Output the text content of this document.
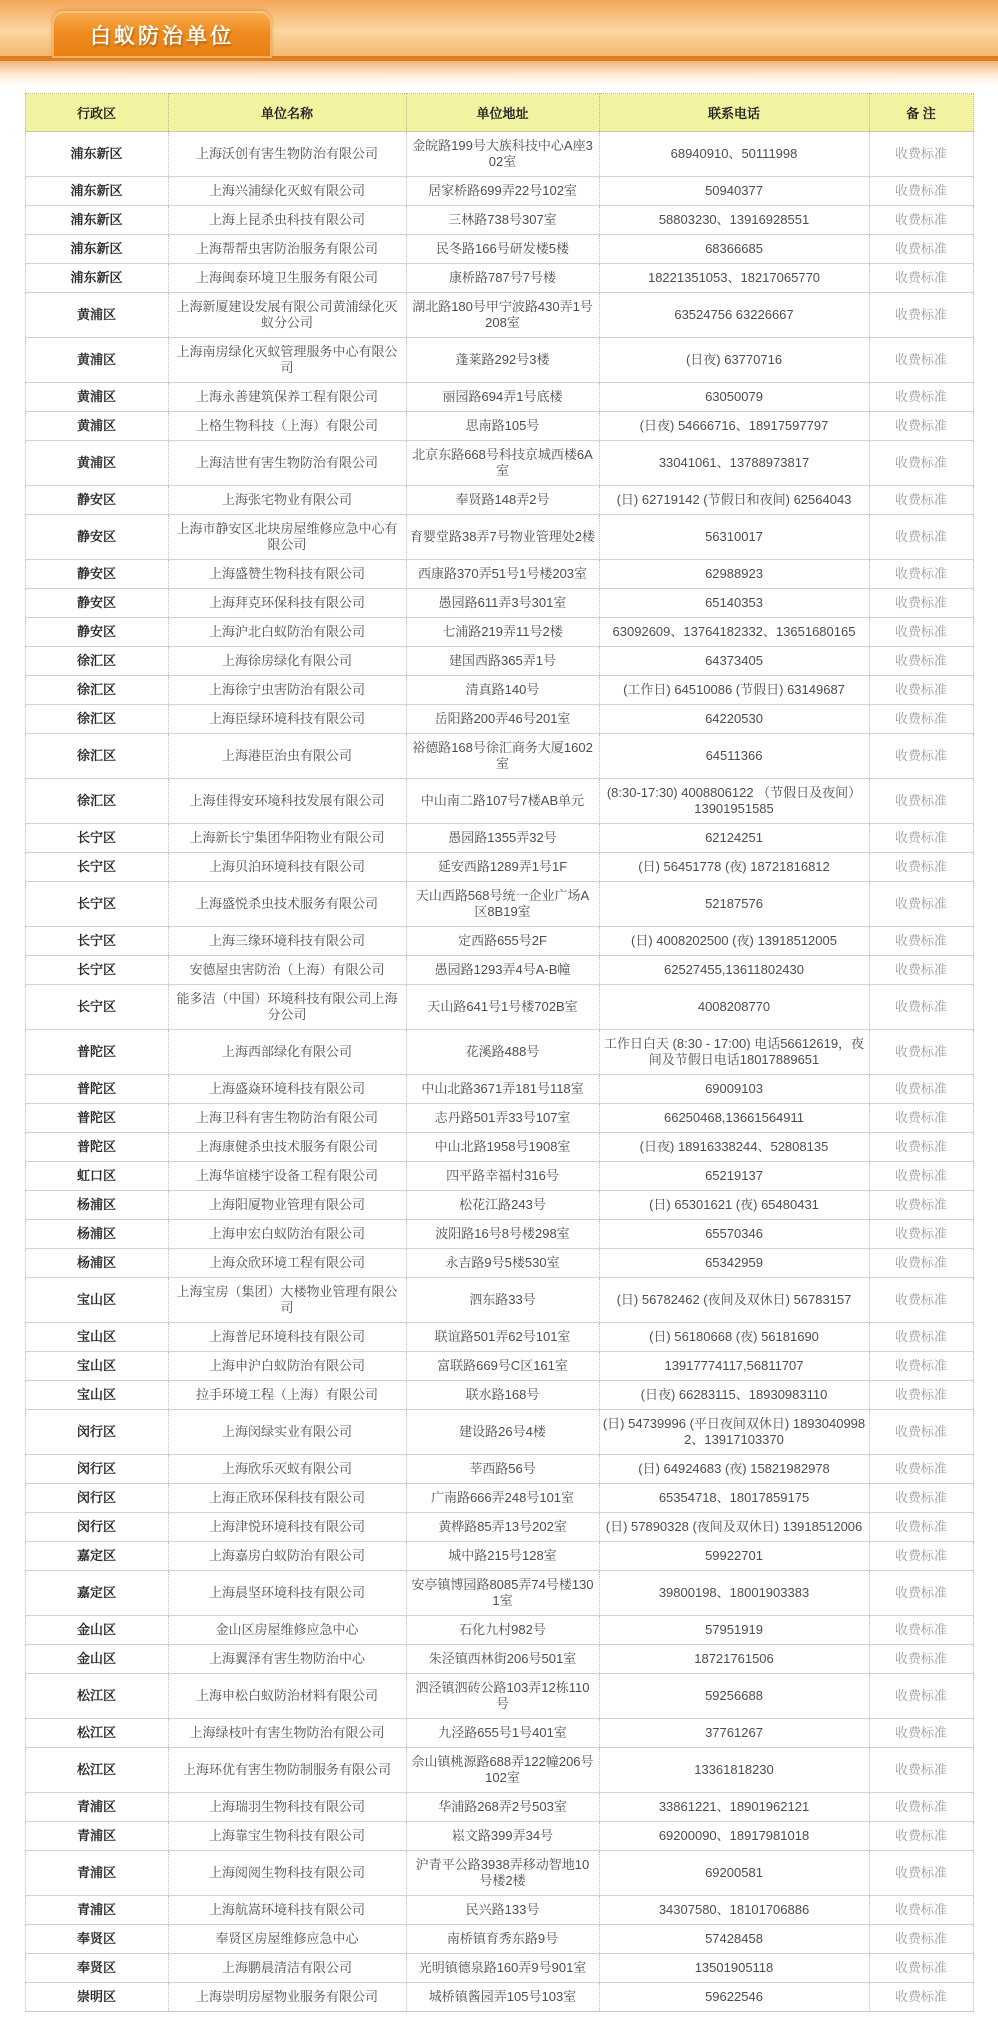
白蚁防治单位
行政区	单位名称	单位地址	联系电话	备 注
浦东新区	上海沃创有害生物防治有限公司	金皖路199号大族科技中心A座302室	68940910、50111998	收费标准
浦东新区	上海兴浦绿化灭蚁有限公司	居家桥路699弄22号102室	50940377	收费标准
浦东新区	上海上昆杀虫科技有限公司	三林路738号307室	58803230、13916928551	收费标准
浦东新区	上海帮帮虫害防治服务有限公司	民冬路166号研发楼5楼	68366685	收费标准
浦东新区	上海闽泰环境卫生服务有限公司	康桥路787号7号楼	18221351053、18217065770	收费标准
黄浦区	上海新厦建设发展有限公司黄浦绿化灭蚁分公司	湖北路180号甲宁波路430弄1号208室	63524756 63226667	收费标准
黄浦区	上海南房绿化灭蚁管理服务中心有限公司	蓬莱路292号3楼	(日夜) 63770716	收费标准
黄浦区	上海永善建筑保养工程有限公司	丽园路694弄1号底楼	63050079	收费标准
黄浦区	上格生物科技（上海）有限公司	思南路105号	(日夜) 54666716、18917597797	收费标准
黄浦区	上海洁世有害生物防治有限公司	北京东路668号科技京城西楼6A室	33041061、13788973817	收费标准
静安区	上海张宅物业有限公司	奉贤路148弄2号	(日) 62719142 (节假日和夜间) 62564043	收费标准
静安区	上海市静安区北块房屋维修应急中心有限公司	育婴堂路38弄7号物业管理处2楼	56310017	收费标准
静安区	上海盛赞生物科技有限公司	西康路370弄51号1号楼203室	62988923	收费标准
静安区	上海拜克环保科技有限公司	愚园路611弄3号301室	65140353	收费标准
静安区	上海沪北白蚁防治有限公司	七浦路219弄11号2楼	63092609、13764182332、13651680165	收费标准
徐汇区	上海徐房绿化有限公司	建国西路365弄1号	64373405	收费标准
徐汇区	上海徐宁虫害防治有限公司	清真路140号	(工作日) 64510086 (节假日) 63149687	收费标准
徐汇区	上海臣绿环境科技有限公司	岳阳路200弄46号201室	64220530	收费标准
徐汇区	上海港臣治虫有限公司	裕德路168号徐汇商务大厦1602室	64511366	收费标准
徐汇区	上海佳得安环境科技发展有限公司	中山南二路107号7楼AB单元	(8:30-17:30) 4008806122 （节假日及夜间） 13901951585	收费标准
长宁区	上海新长宁集团华阳物业有限公司	愚园路1355弄32号	62124251	收费标准
长宁区	上海贝泊环境科技有限公司	延安西路1289弄1号1F	(日) 56451778 (夜) 18721816812	收费标准
长宁区	上海盛悦杀虫技术服务有限公司	天山西路568号统一企业广场A区8B19室	52187576	收费标准
长宁区	上海三缘环境科技有限公司	定西路655号2F	(日) 4008202500 (夜) 13918512005	收费标准
长宁区	安德屋虫害防治（上海）有限公司	愚园路1293弄4号A-B幢	62527455,13611802430	收费标准
长宁区	能多洁（中国）环境科技有限公司上海分公司	天山路641号1号楼702B室	4008208770	收费标准
普陀区	上海西部绿化有限公司	花溪路488号	工作日白天 (8:30 - 17:00) 电话56612619，夜间及节假日电话18017889651	收费标准
普陀区	上海盛焱环境科技有限公司	中山北路3671弄181号118室	69009103	收费标准
普陀区	上海卫科有害生物防治有限公司	志丹路501弄33号107室	66250468,13661564911	收费标准
普陀区	上海康健杀虫技术服务有限公司	中山北路1958号1908室	(日夜) 18916338244、52808135	收费标准
虹口区	上海华谊楼宇设备工程有限公司	四平路幸福村316号	65219137	收费标准
杨浦区	上海阳厦物业管理有限公司	松花江路243号	(日) 65301621 (夜) 65480431	收费标准
杨浦区	上海申宏白蚁防治有限公司	波阳路16号8号楼298室	65570346	收费标准
杨浦区	上海众欣环境工程有限公司	永吉路9号5楼530室	65342959	收费标准
宝山区	上海宝房（集团）大楼物业管理有限公司	泗东路33号	(日) 56782462 (夜间及双休日) 56783157	收费标准
宝山区	上海普尼环境科技有限公司	联谊路501弄62号101室	(日) 56180668 (夜) 56181690	收费标准
宝山区	上海申沪白蚁防治有限公司	富联路669号C区161室	13917774117,56811707	收费标准
宝山区	拉手环境工程（上海）有限公司	联水路168号	(日夜) 66283115、18930983110	收费标准
闵行区	上海闵绿实业有限公司	建设路26号4楼	(日) 54739996 (平日夜间双休日) 18930409982、13917103370	收费标准
闵行区	上海欣乐灭蚁有限公司	莘西路56号	(日) 64924683 (夜) 15821982978	收费标准
闵行区	上海正欣环保科技有限公司	广南路666弄248号101室	65354718、18017859175	收费标准
闵行区	上海津悦环境科技有限公司	黄桦路85弄13号202室	(日) 57890328 (夜间及双休日) 13918512006	收费标准
嘉定区	上海嘉房白蚁防治有限公司	城中路215号128室	59922701	收费标准
嘉定区	上海晨坚环境科技有限公司	安亭镇博园路8085弄74号楼1301室	39800198、18001903383	收费标准
金山区	金山区房屋维修应急中心	石化九村982号	57951919	收费标准
金山区	上海翼泽有害生物防治中心	朱泾镇西林街206号501室	18721761506	收费标准
松江区	上海申松白蚁防治材料有限公司	泗泾镇泗砖公路103弄12栋110号	59256688	收费标准
松江区	上海绿枝叶有害生物防治有限公司	九泾路655号1号401室	37761267	收费标准
松江区	上海环优有害生物防制服务有限公司	佘山镇桃源路688弄122幢206号102室	13361818230	收费标准
青浦区	上海瑞羽生物科技有限公司	华浦路268弄2号503室	33861221、18901962121	收费标准
青浦区	上海靠宝生物科技有限公司	崧文路399弄34号	69200090、18917981018	收费标准
青浦区	上海阅阅生物科技有限公司	沪青平公路3938弄移动智地10号楼2楼	69200581	收费标准
青浦区	上海航嵩环境科技有限公司	民兴路133号	34307580、18101706886	收费标准
奉贤区	奉贤区房屋维修应急中心	南桥镇育秀东路9号	57428458	收费标准
奉贤区	上海鹏晨清洁有限公司	光明镇德泉路160弄9号901室	13501905118	收费标准
崇明区	上海崇明房屋物业服务有限公司	城桥镇酱园弄105号103室	59622546	收费标准
